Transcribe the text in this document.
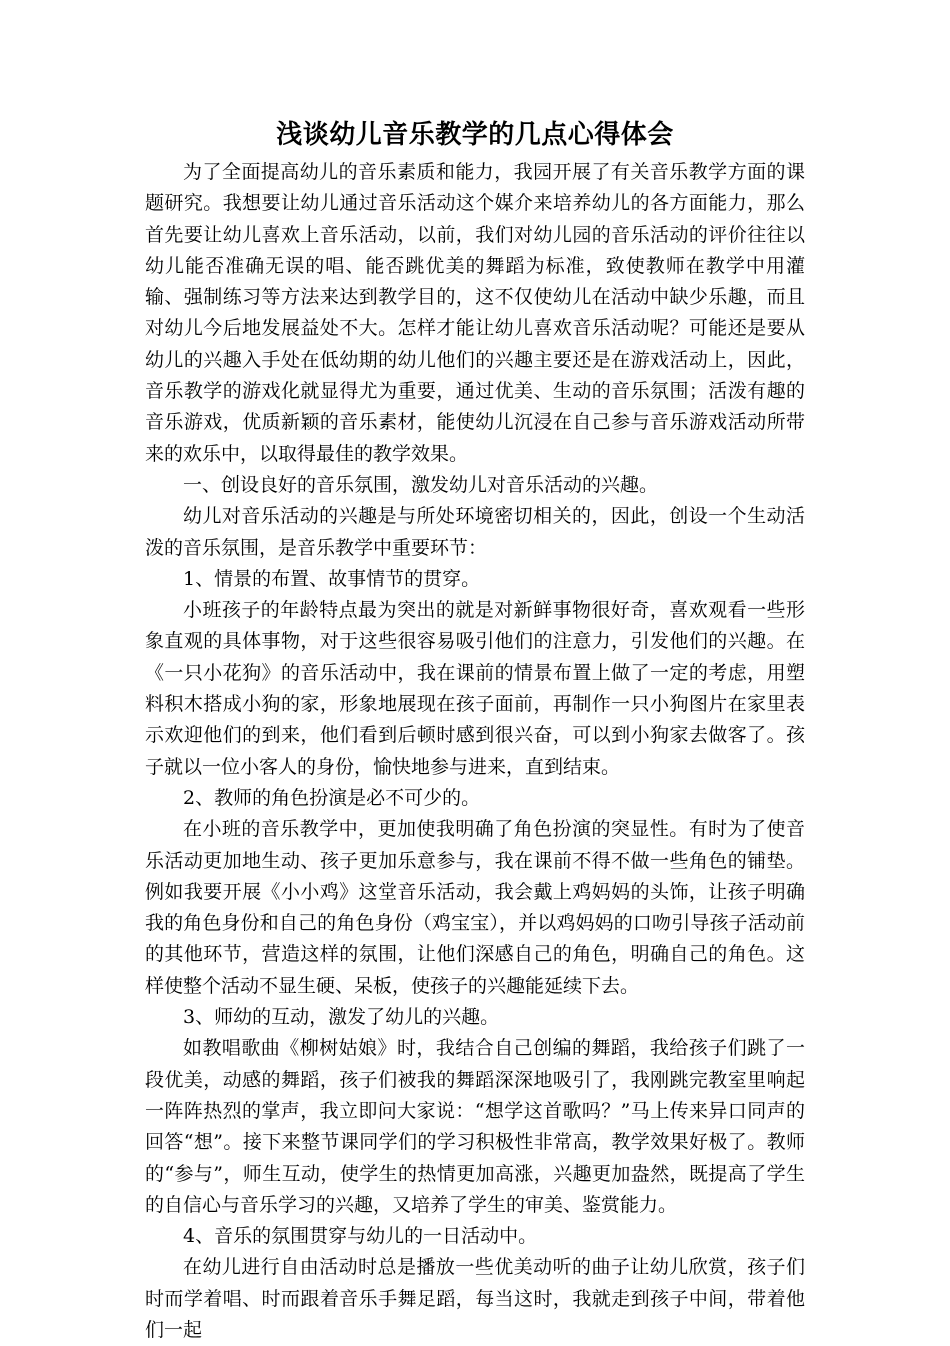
浅谈幼儿音乐教学的几点心得体会

为了全面提高幼儿的音乐素质和能力，我园开展了有关音乐教学方面的课题研究。我想要让幼儿通过音乐活动这个媒介来培养幼儿的各方面能力，那么首先要让幼儿喜欢上音乐活动，以前，我们对幼儿园的音乐活动的评价往往以幼儿能否准确无误的唱、能否跳优美的舞蹈为标准，致使教师在教学中用灌输、强制练习等方法来达到教学目的，这不仅使幼儿在活动中缺少乐趣，而且对幼儿今后地发展益处不大。怎样才能让幼儿喜欢音乐活动呢？可能还是要从幼儿的兴趣入手处在低幼期的幼儿他们的兴趣主要还是在游戏活动上，因此，音乐教学的游戏化就显得尤为重要，通过优美、生动的音乐氛围；活泼有趣的音乐游戏，优质新颖的音乐素材，能使幼儿沉浸在自己参与音乐游戏活动所带来的欢乐中，以取得最佳的教学效果。

一、创设良好的音乐氛围，激发幼儿对音乐活动的兴趣。

幼儿对音乐活动的兴趣是与所处环境密切相关的，因此，创设一个生动活泼的音乐氛围，是音乐教学中重要环节：

1、情景的布置、故事情节的贯穿。

小班孩子的年龄特点最为突出的就是对新鲜事物很好奇，喜欢观看一些形象直观的具体事物，对于这些很容易吸引他们的注意力，引发他们的兴趣。在《一只小花狗》的音乐活动中，我在课前的情景布置上做了一定的考虑，用塑料积木搭成小狗的家，形象地展现在孩子面前，再制作一只小狗图片在家里表示欢迎他们的到来，他们看到后顿时感到很兴奋，可以到小狗家去做客了。孩子就以一位小客人的身份，愉快地参与进来，直到结束。

2、教师的角色扮演是必不可少的。

在小班的音乐教学中，更加使我明确了角色扮演的突显性。有时为了使音乐活动更加地生动、孩子更加乐意参与，我在课前不得不做一些角色的铺垫。例如我要开展《小小鸡》这堂音乐活动，我会戴上鸡妈妈的头饰，让孩子明确我的角色身份和自己的角色身份（鸡宝宝），并以鸡妈妈的口吻引导孩子活动前的其他环节，营造这样的氛围，让他们深感自己的角色，明确自己的角色。这样使整个活动不显生硬、呆板，使孩子的兴趣能延续下去。

3、师幼的互动，激发了幼儿的兴趣。

如教唱歌曲《柳树姑娘》时，我结合自己创编的舞蹈，我给孩子们跳了一段优美，动感的舞蹈，孩子们被我的舞蹈深深地吸引了，我刚跳完教室里响起一阵阵热烈的掌声，我立即问大家说：“想学这首歌吗？”马上传来异口同声的回答“想”。接下来整节课同学们的学习积极性非常高，教学效果好极了。教师的“参与”，师生互动，使学生的热情更加高涨，兴趣更加盎然，既提高了学生的自信心与音乐学习的兴趣，又培养了学生的审美、鉴赏能力。

4、音乐的氛围贯穿与幼儿的一日活动中。

在幼儿进行自由活动时总是播放一些优美动听的曲子让幼儿欣赏，孩子们时而学着唱、时而跟着音乐手舞足蹈，每当这时，我就走到孩子中间，带着他们一起
